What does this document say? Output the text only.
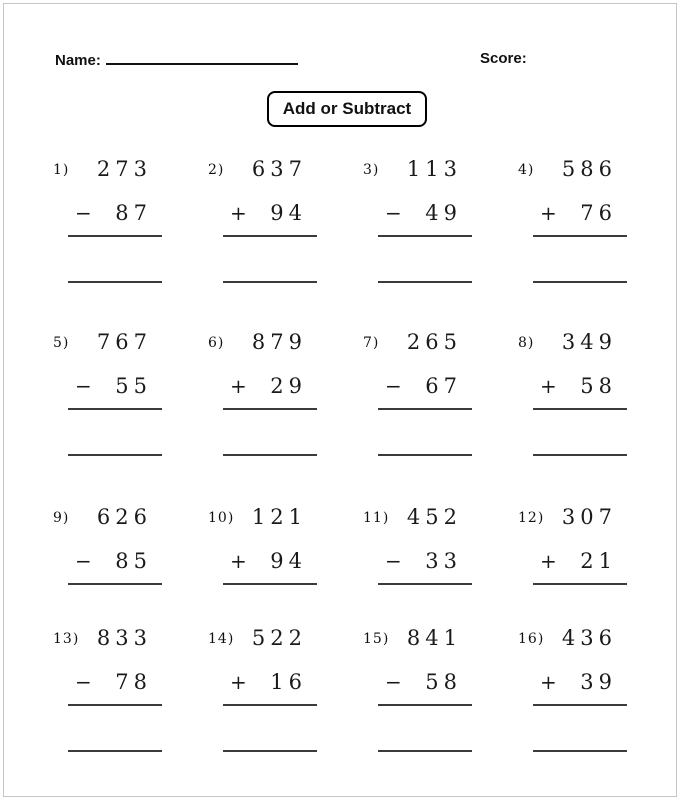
Name:	Score:
Add or Subtract
1)	273
−	87
2)	637
+	94
3)	113
−	49
4)	586
+	76
5)	767
−	55
6)	879
+	29
7)	265
−	67
8)	349
+	58
9)	626
−	85
10) 121
+	94
11) 452
−	33
12) 307
+	21
13) 833
−	78
14) 522
+	16
15) 841
−	58
16) 436
+	39
